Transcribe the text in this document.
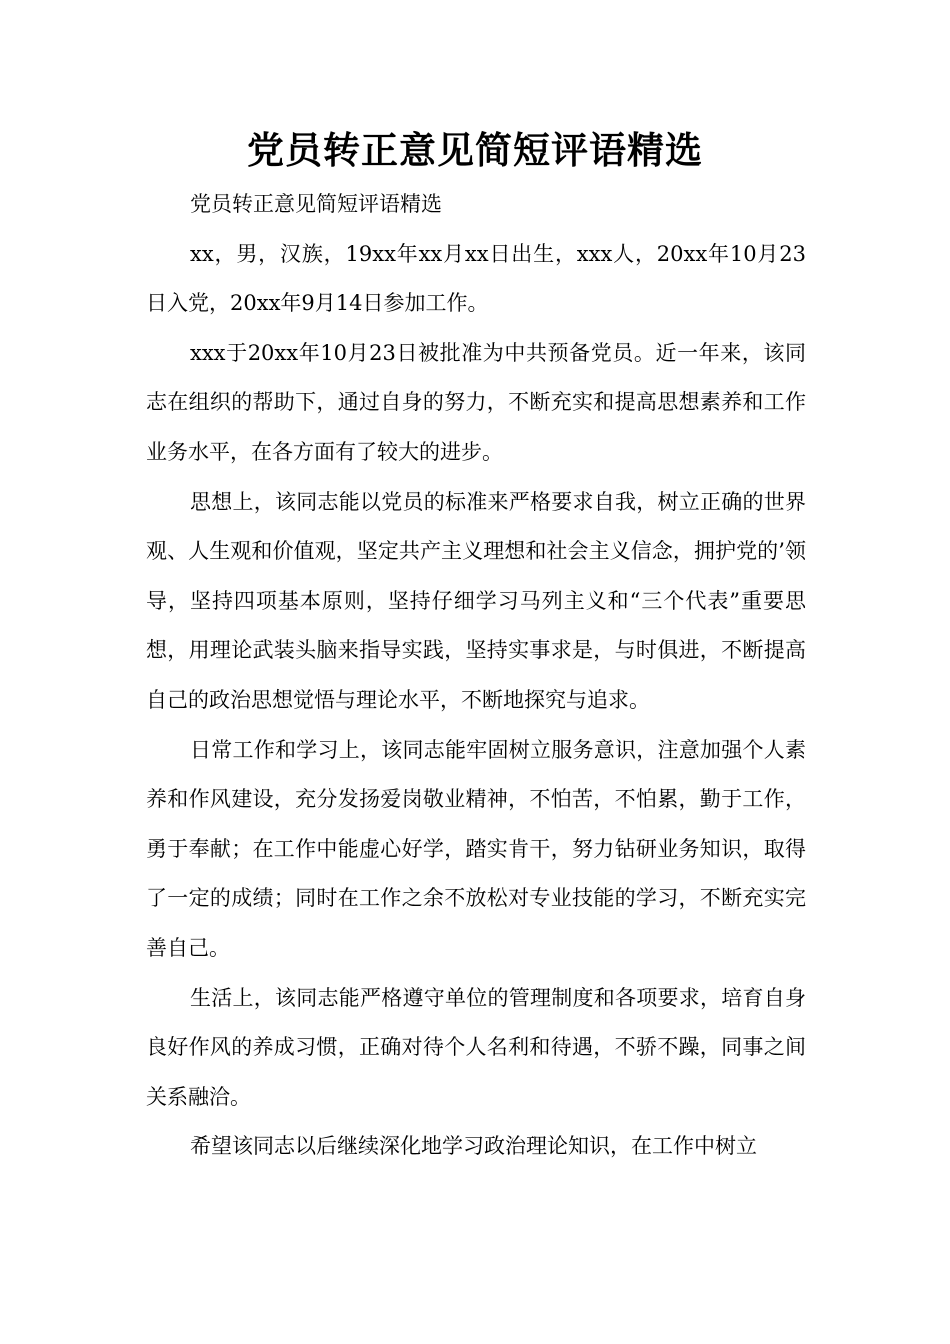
党员转正意见简短评语精选

党员转正意见简短评语精选

xx，男，汉族，19xx年xx月xx日出生，xxx人，20xx年10月23日入党，20xx年9月14日参加工作。

xxx于20xx年10月23日被批准为中共预备党员。近一年来，该同志在组织的帮助下，通过自身的努力，不断充实和提高思想素养和工作业务水平，在各方面有了较大的进步。

思想上，该同志能以党员的标准来严格要求自我，树立正确的世界观、人生观和价值观，坚定共产主义理想和社会主义信念，拥护党的’领导，坚持四项基本原则，坚持仔细学习马列主义和“三个代表”重要思想，用理论武装头脑来指导实践，坚持实事求是，与时俱进，不断提高自己的政治思想觉悟与理论水平，不断地探究与追求。

日常工作和学习上，该同志能牢固树立服务意识，注意加强个人素养和作风建设，充分发扬爱岗敬业精神，不怕苦，不怕累，勤于工作，勇于奉献；在工作中能虚心好学，踏实肯干，努力钻研业务知识，取得了一定的成绩；同时在工作之余不放松对专业技能的学习，不断充实完善自己。

生活上，该同志能严格遵守单位的管理制度和各项要求，培育自身良好作风的养成习惯，正确对待个人名利和待遇，不骄不躁，同事之间关系融洽。

希望该同志以后继续深化地学习政治理论知识，在工作中树立
